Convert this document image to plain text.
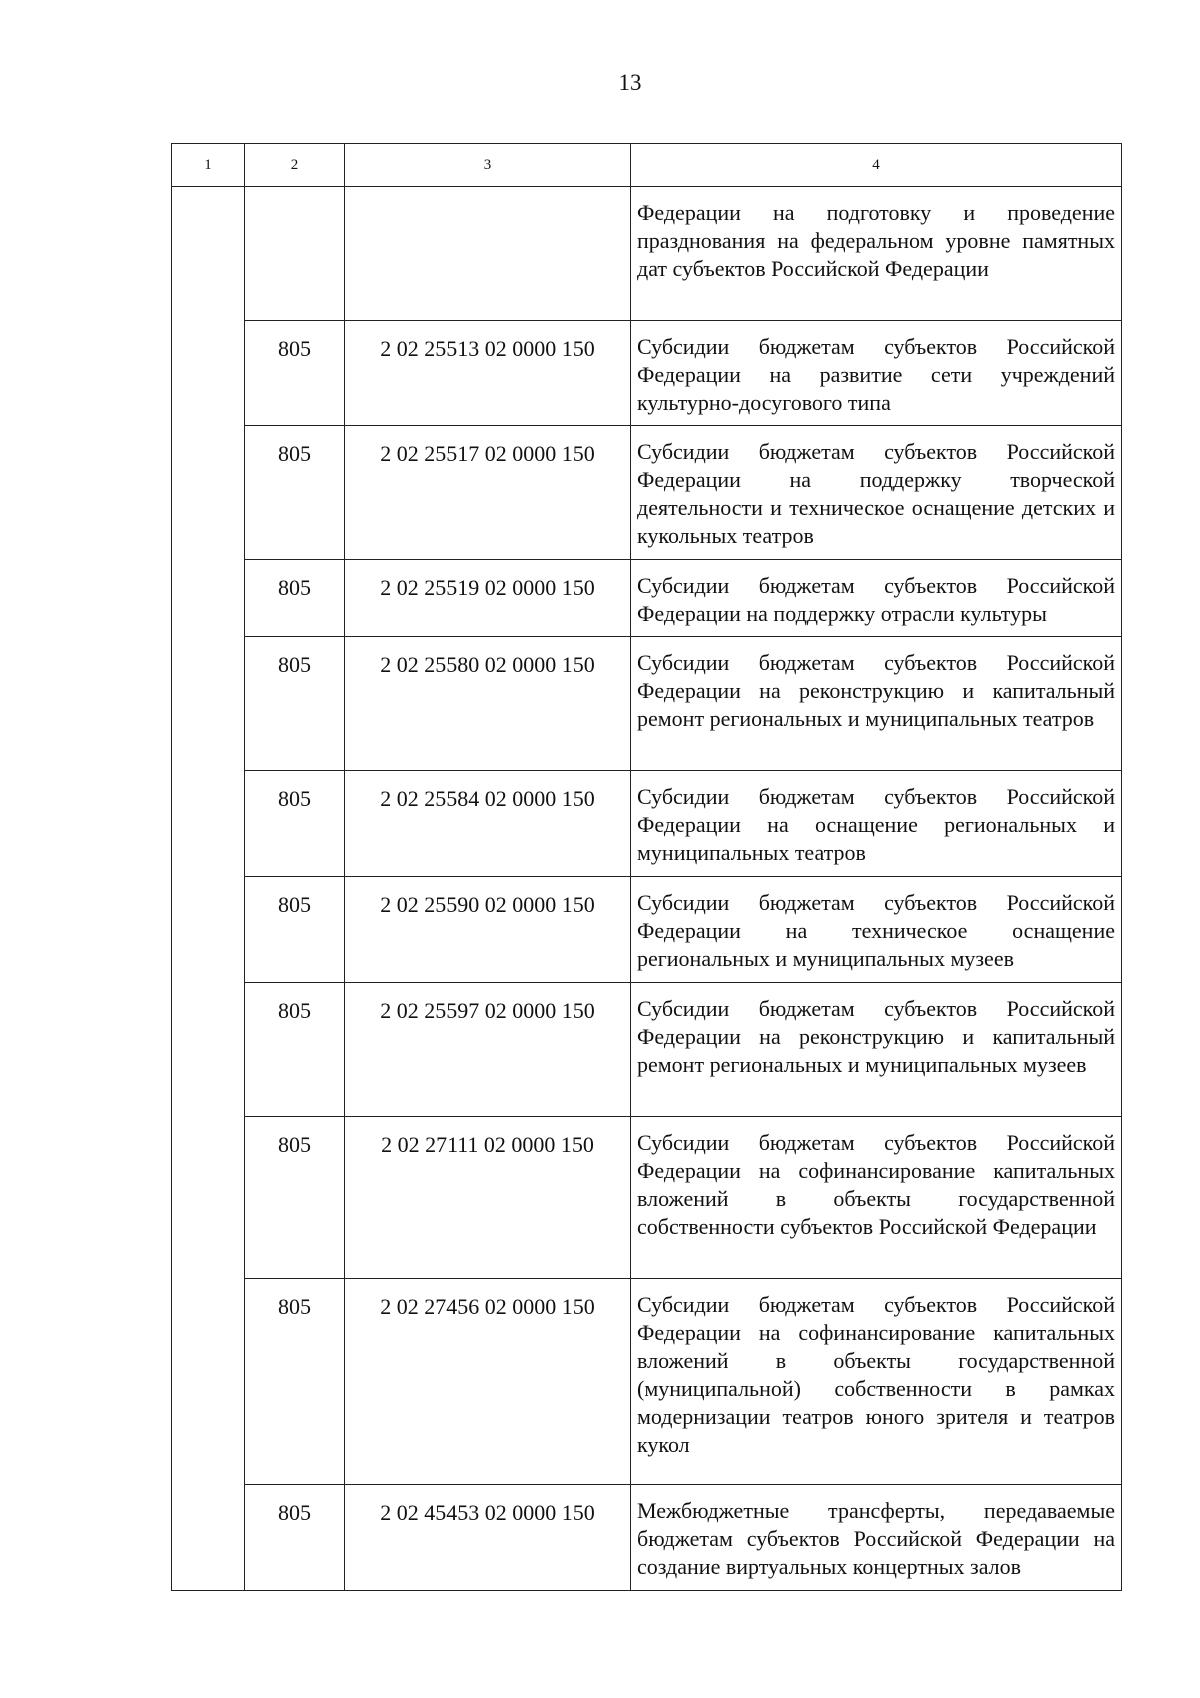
13
1	2	3	4
			Федерации на подготовку и проведение празднования на федеральном уровне памятных дат субъектов Российской Федерации
	805	2 02 25513 02 0000 150	Субсидии бюджетам субъектов Российской Федерации на развитие сети учреждений культурно-досугового типа
	805	2 02 25517 02 0000 150	Субсидии бюджетам субъектов Российской Федерации на поддержку творческой деятельности и техническое оснащение детских и кукольных театров
	805	2 02 25519 02 0000 150	Субсидии бюджетам субъектов Российской Федерации на поддержку отрасли культуры
	805	2 02 25580 02 0000 150	Субсидии бюджетам субъектов Российской Федерации на реконструкцию и капитальный ремонт региональных и муниципальных театров
	805	2 02 25584 02 0000 150	Субсидии бюджетам субъектов Российской Федерации на оснащение региональных и муниципальных театров
	805	2 02 25590 02 0000 150	Субсидии бюджетам субъектов Российской Федерации на техническое оснащение региональных и муниципальных музеев
	805	2 02 25597 02 0000 150	Субсидии бюджетам субъектов Российской Федерации на реконструкцию и капитальный ремонт региональных и муниципальных музеев
	805	2 02 27111 02 0000 150	Субсидии бюджетам субъектов Российской Федерации на софинансирование капитальных вложений в объекты государственной собственности субъектов Российской Федерации
	805	2 02 27456 02 0000 150	Субсидии бюджетам субъектов Российской Федерации на софинансирование капитальных вложений в объекты государственной (муниципальной) собственности в рамках модернизации театров юного зрителя и театров кукол
	805	2 02 45453 02 0000 150	Межбюджетные трансферты, передаваемые бюджетам субъектов Российской Федерации на создание виртуальных концертных залов
